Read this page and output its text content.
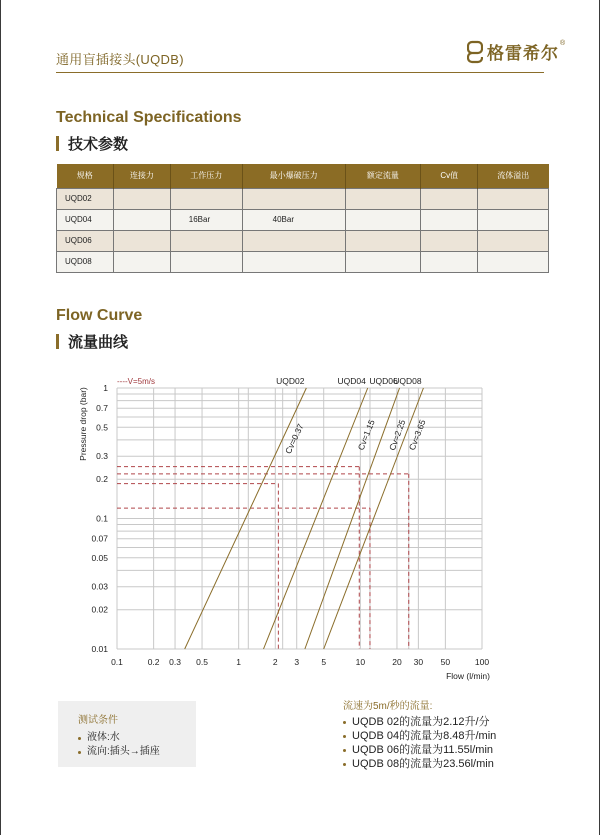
通用盲插接头(UQDB)	格雷希尔
®
Technical Specifications
技术参数
规格	连接力	工作压力	最小爆破压力	额定流量	Cv值	流体溢出
UQD02						
UQD04		16Bar	40Bar			
UQD06						
UQD08						
Flow Curve
流量曲线
0.1	0.2 0.3 0.5	1	2 3	5	10	20 30 50	100
1
0.7
0.5
0.3
0.2
0.1
0.07
0.05
0.03
0.02
0.01
Flow (l/min)
Pressure drop (bar)
----V=5m/s	UQD02
Cv=0.37
UQD04
Cv=1.15
UQD06
Cv=2.25
UQD08
Cv=3.65
测试条件
液体:水
流向:插头→插座
流速为5m/秒的流量:
UQDB 02的流量为2.12升/分
UQDB 04的流量为8.48升/min
UQDB 06的流量为11.55l/min
UQDB 08的流量为23.56l/min
